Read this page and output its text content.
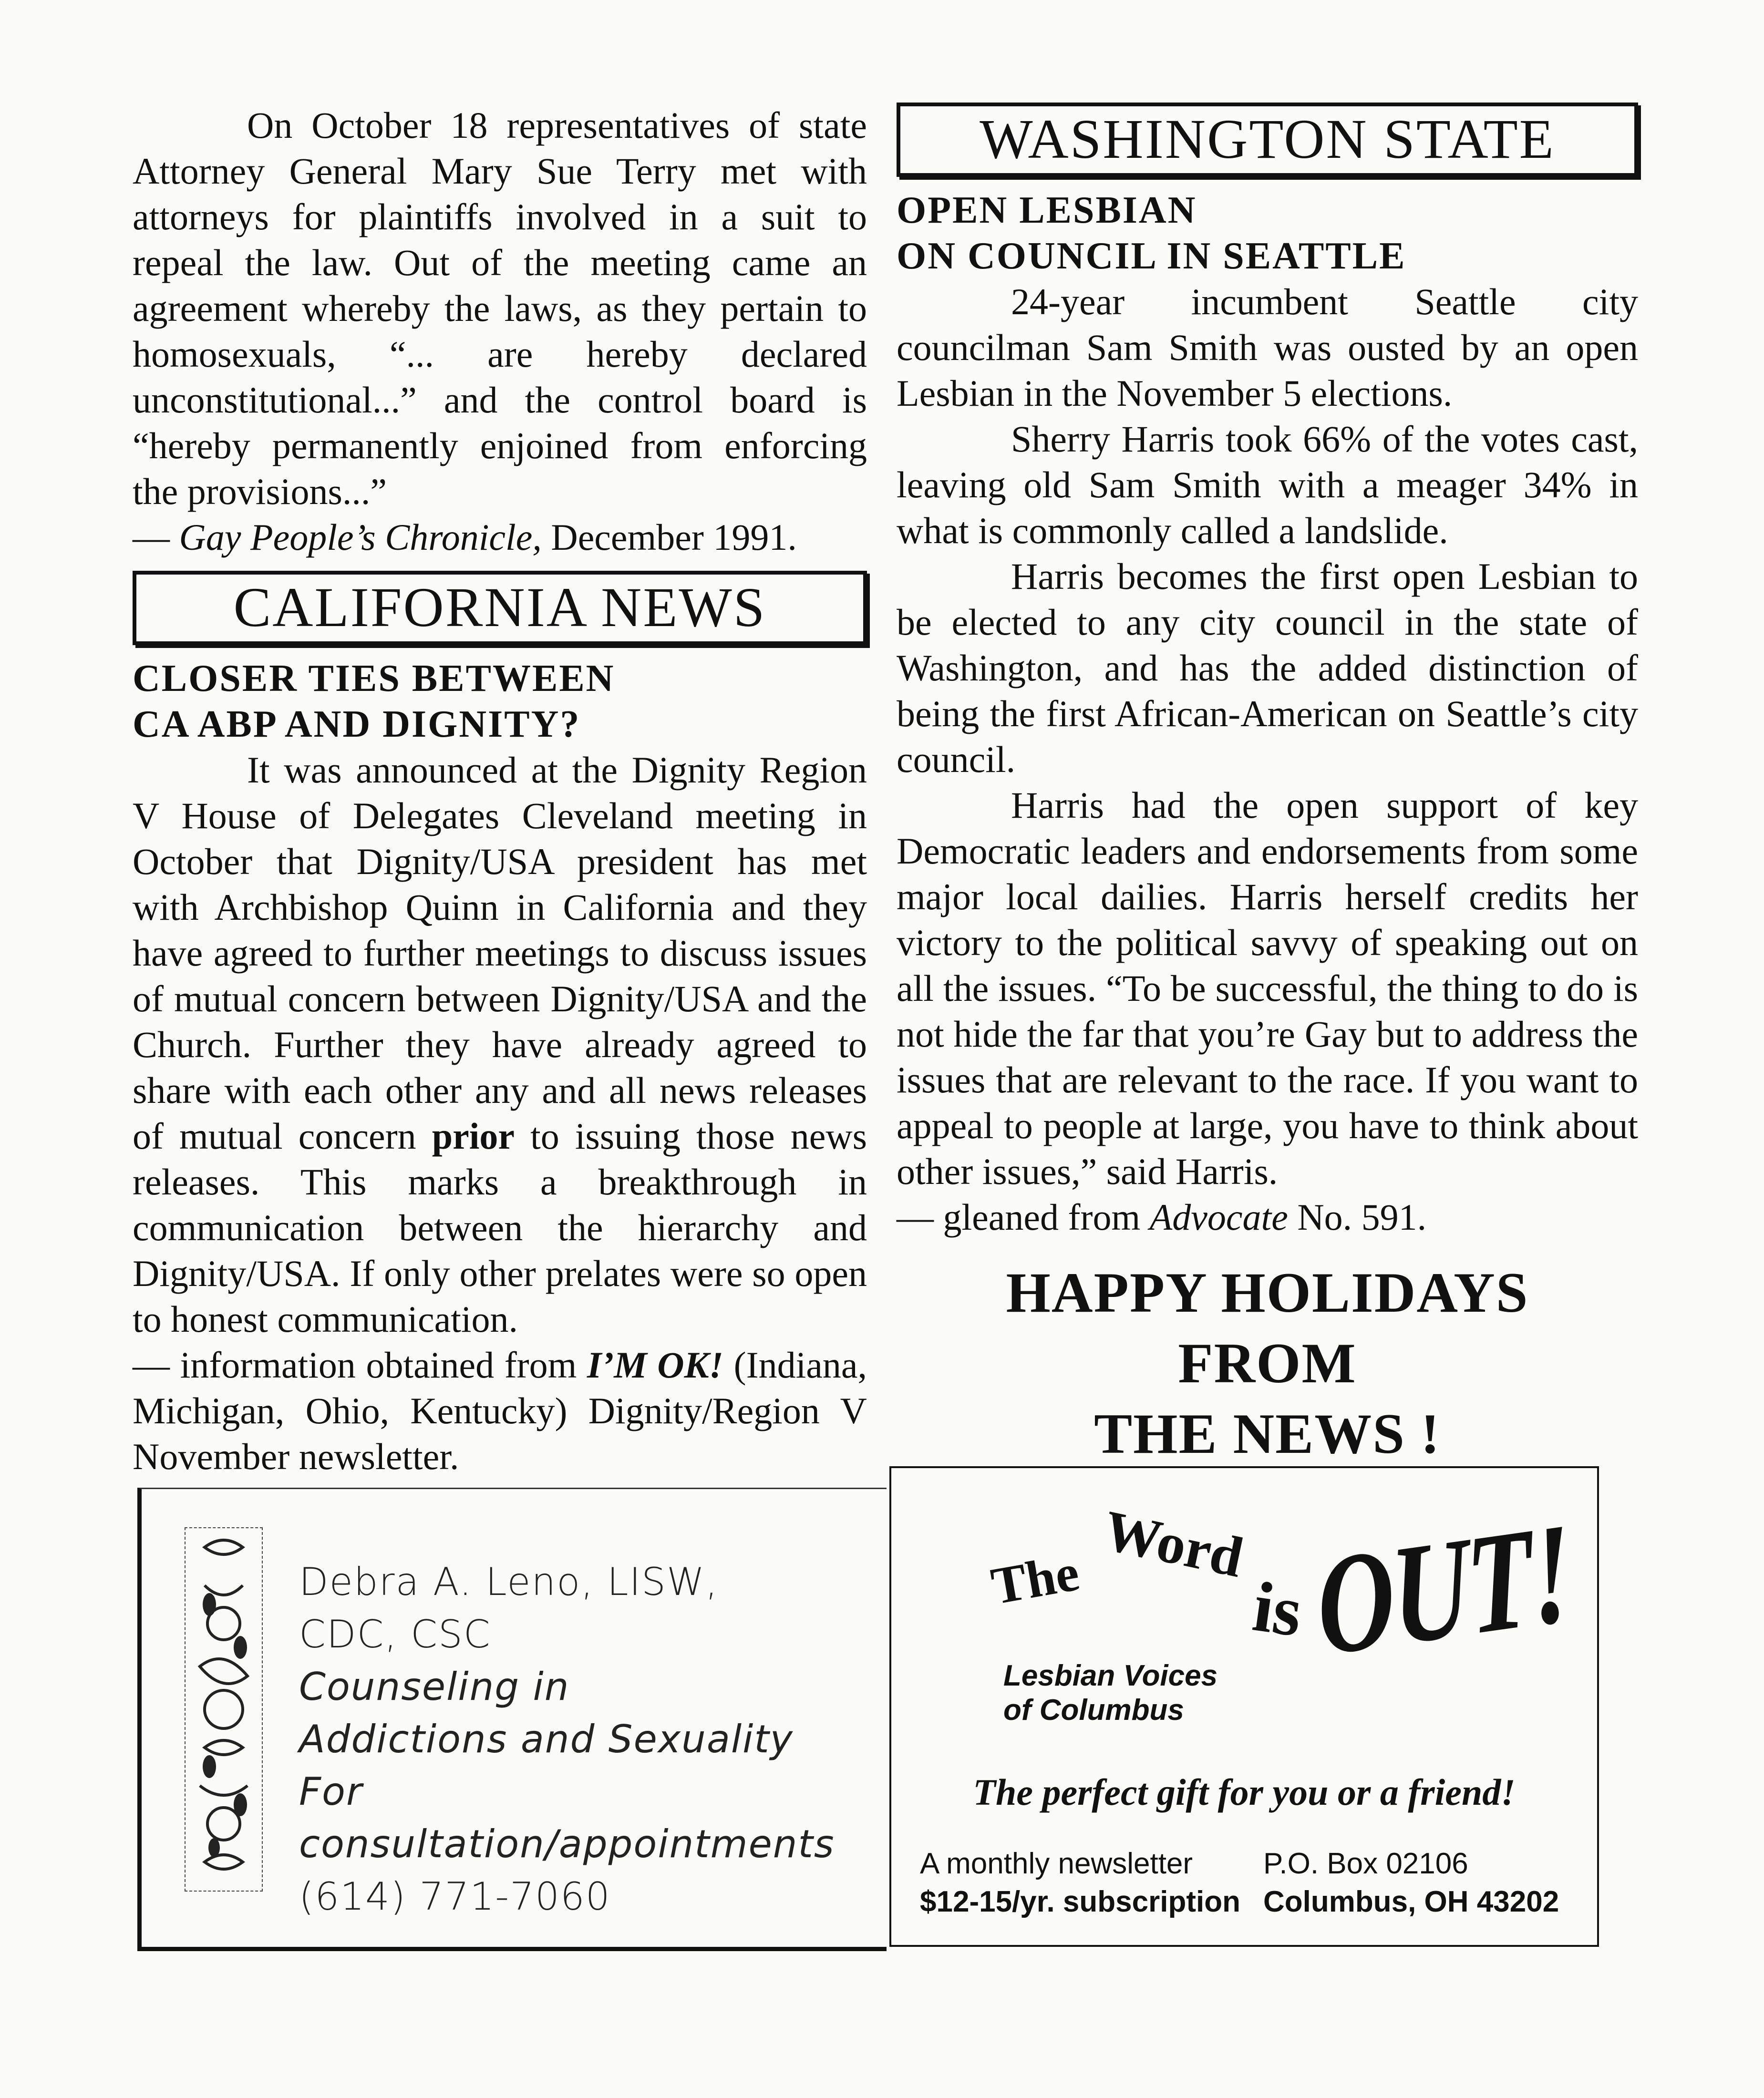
On October 18 representatives of state Attorney General Mary Sue Terry met with attorneys for plaintiffs involved in a suit to repeal the law. Out of the meeting came an agreement whereby the laws, as they pertain to homosexuals, “... are hereby declared unconstitutional...” and the control board is “hereby permanently enjoined from enforcing the provisions...”

— Gay People’s Chronicle, December 1991.

CALIFORNIA NEWS

CLOSER TIES BETWEEN

CA ABP AND DIGNITY?

It was announced at the Dignity Region V House of Delegates Cleveland meeting in October that Dignity/USA president has met with Archbishop Quinn in California and they have agreed to further meetings to discuss issues of mutual concern between Dignity/USA and the Church. Further they have already agreed to share with each other any and all news releases of mutual concern prior to issuing those news releases. This marks a breakthrough in communication between the hierarchy and Dignity/USA. If only other prelates were so open to honest communication.

— information obtained from I’M OK! (Indiana, Michigan, Ohio, Kentucky) Dignity/Region V November newsletter.

WASHINGTON STATE

OPEN LESBIAN

ON COUNCIL IN SEATTLE

24-year incumbent Seattle city councilman Sam Smith was ousted by an open Lesbian in the November 5 elections.

Sherry Harris took 66% of the votes cast, leaving old Sam Smith with a meager 34% in what is commonly called a landslide.

Harris becomes the first open Lesbian to be elected to any city council in the state of Washington, and has the added distinction of being the first African-American on Seattle’s city council.

Harris had the open support of key Democratic leaders and endorsements from some major local dailies. Harris herself credits her victory to the political savvy of speaking out on all the issues. “To be successful, the thing to do is not hide the far that you’re Gay but to address the issues that are relevant to the race. If you want to appeal to people at large, you have to think about other issues,” said Harris.

— gleaned from Advocate No. 591.

HAPPY HOLIDAYS
FROM
THE NEWS !
Debra A. Leno, LISW,
CDC, CSC
Counseling in
Addictions and Sexuality
For consultation/appointments
(614) 771-7060
The Word
is OUT!
Lesbian Voices
of Columbus
The perfect gift for you or a friend!
A monthly newsletter
$12-15/yr. subscription
P.O. Box 02106
Columbus, OH 43202
